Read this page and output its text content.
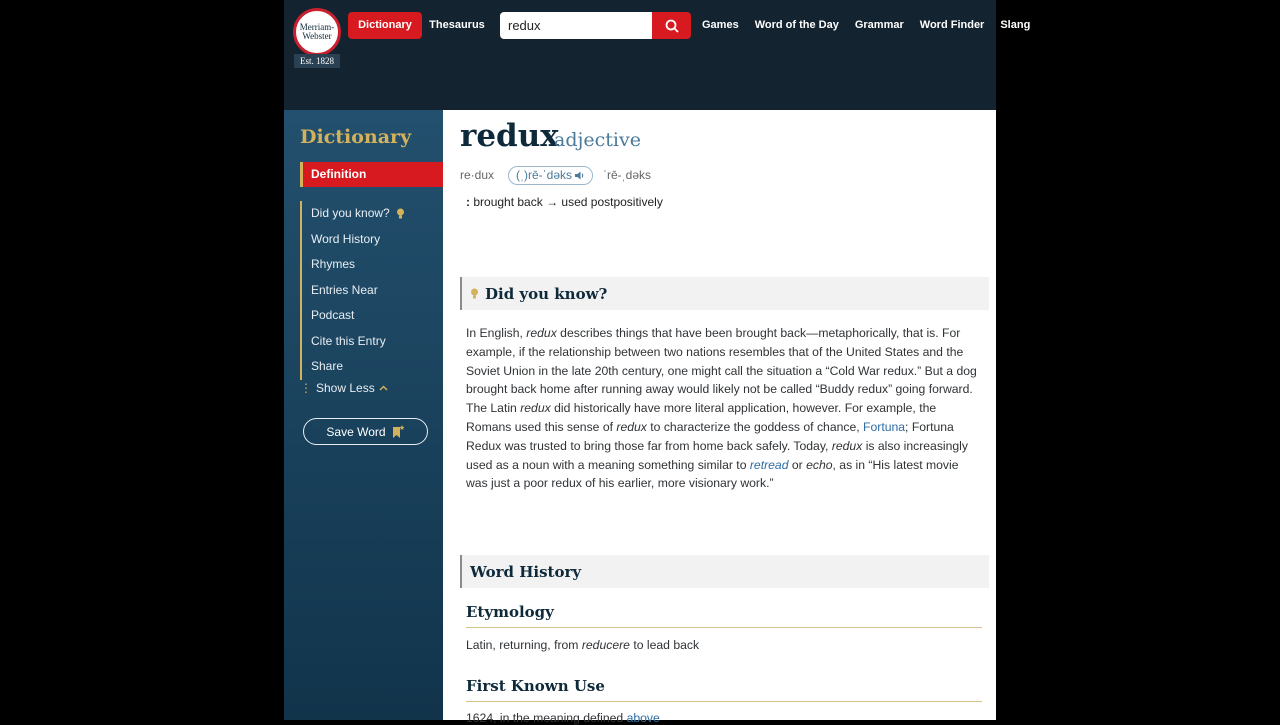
Merriam-Webster
Est. 1828
Dictionary	Thesaurus
redux	Games Word of the Day Grammar Word Finder Slang
Dictionary
Definition
Did you know?
Word History
Rhymes
Entries Near
Podcast
Cite this Entry
Share
⋮ Show Less
Save Word
redux
adjective
re·dux (ˌ)rē-ˈdəks	ˈrē-ˌdəks
: brought back → used postpositively
Did you know?

In English, redux describes things that have been brought back—metaphorically, that is. For example, if the relationship between two nations resembles that of the United States and the Soviet Union in the late 20th century, one might call the situation a “Cold War redux.” But a dog brought back home after running away would likely not be called “Buddy redux” going forward. The Latin redux did historically have more literal application, however. For example, the Romans used this sense of redux to characterize the goddess of chance, Fortuna; Fortuna Redux was trusted to bring those far from home back safely. Today, redux is also increasingly used as a noun with a meaning something similar to retread or echo, as in “His latest movie was just a poor redux of his earlier, more visionary work.”

Word History
Etymology
Latin, returning, from reducere to lead back
First Known Use
1624, in the meaning defined above
